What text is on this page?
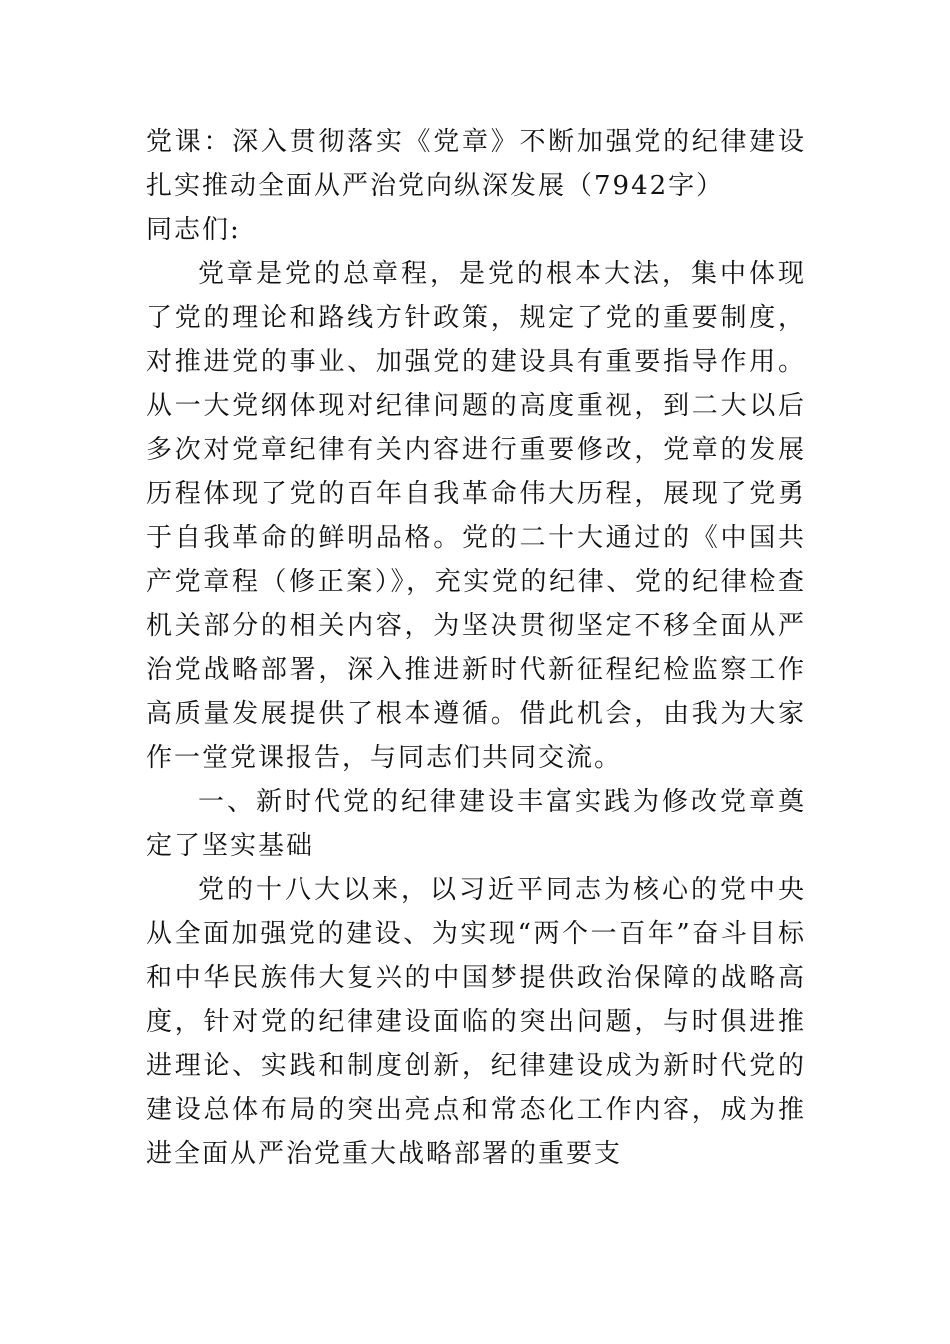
党课：深入贯彻落实《党章》不断加强党的纪律建设扎实推动全面从严治党向纵深发展（7942字）

同志们:

党章是党的总章程，是党的根本大法，集中体现了党的理论和路线方针政策，规定了党的重要制度，对推进党的事业、加强党的建设具有重要指导作用。从一大党纲体现对纪律问题的高度重视，到二大以后多次对党章纪律有关内容进行重要修改，党章的发展历程体现了党的百年自我革命伟大历程，展现了党勇于自我革命的鲜明品格。党的二十大通过的《中国共产党章程（修正案）》，充实党的纪律、党的纪律检查机关部分的相关内容，为坚决贯彻坚定不移全面从严治党战略部署，深入推进新时代新征程纪检监察工作高质量发展提供了根本遵循。借此机会，由我为大家作一堂党课报告，与同志们共同交流。

一、新时代党的纪律建设丰富实践为修改党章奠定了坚实基础

党的十八大以来，以习近平同志为核心的党中央从全面加强党的建设、为实现“两个一百年”奋斗目标和中华民族伟大复兴的中国梦提供政治保障的战略高度，针对党的纪律建设面临的突出问题，与时俱进推进理论、实践和制度创新，纪律建设成为新时代党的建设总体布局的突出亮点和常态化工作内容，成为推进全面从严治党重大战略部署的重要支
